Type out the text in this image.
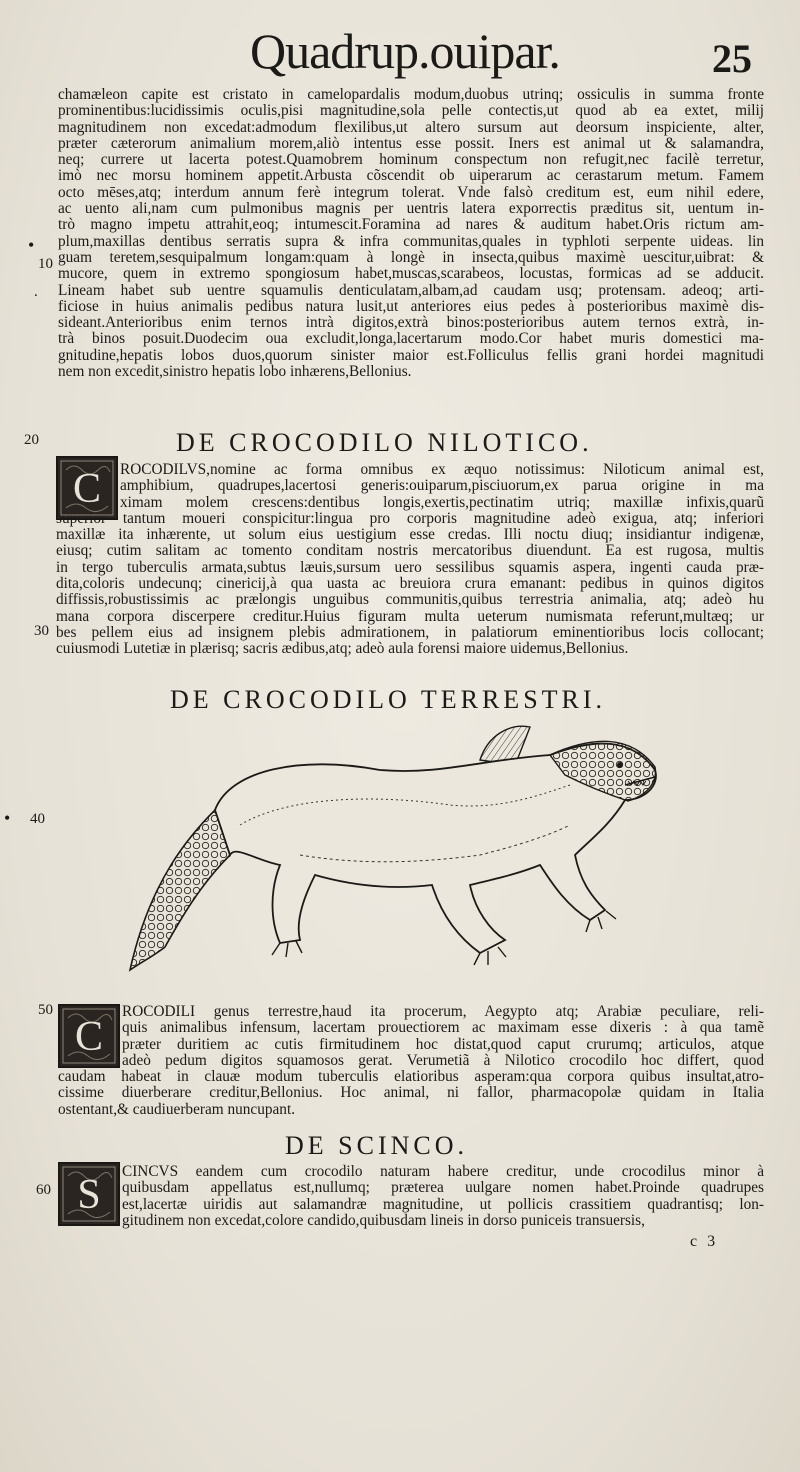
Quadrup.ouipar.	25
•
10
.
20
30
• 40
50
60
chamæleon capite est cristato in camelopardalis modum,duobus utrinq; ossiculis in summa fronte
prominentibus:lucidissimis oculis,pisi magnitudine,sola pelle contectis,ut quod ab ea extet, milij
magnitudinem non excedat:admodum flexilibus,ut altero sursum aut deorsum inspiciente, alter,
præter cæterorum animalium morem,aliò intentus esse possit. Iners est animal ut & salamandra,
neq; currere ut lacerta potest.Quamobrem hominum conspectum non refugit,nec facilè terretur,
imò nec morsu hominem appetit.Arbusta cõscendit ob uiperarum ac cerastarum metum. Famem
octo mēses,atq; interdum annum ferè integrum tolerat. Vnde falsò creditum est, eum nihil edere,
ac uento ali,nam cum pulmonibus magnis per uentris latera exporrectis præditus sit, uentum in-
trò magno impetu attrahit,eoq; intumescit.Foramina ad nares & auditum habet.Oris rictum am-
plum,maxillas dentibus serratis supra & infra communitas,quales in typhloti serpente uideas. lin
guam teretem,sesquipalmum longam:quam à longè in insecta,quibus maximè uescitur,uibrat: &
mucore, quem in extremo spongiosum habet,muscas,scarabeos, locustas, formicas ad se adducit.
Lineam habet sub uentre squamulis denticulatam,albam,ad caudam usq; protensam. adeoq; arti-
ficiose in huius animalis pedibus natura lusit,ut anteriores eius pedes à posterioribus maximè dis-
sideant.Anterioribus enim ternos intrà digitos,extrà binos:posterioribus autem ternos extrà, in-
trà binos posuit.Duodecim oua excludit,longa,lacertarum modo.Cor habet muris domestici ma-
gnitudine,hepatis lobos duos,quorum sinister maior est.Folliculus fellis grani hordei magnitudi
nem non excedit,sinistro hepatis lobo inhærens,Bellonius.
DE CROCODILO NILOTICO.
C ROCODILVS,nomine ac forma omnibus ex æquo notissimus: Niloticum animal est,
amphibium, quadrupes,lacertosi generis:ouiparum,pisciuorum,ex parua origine in ma
ximam molem crescens:dentibus longis,exertis,pectinatim utriq; maxillæ infixis,quarũ
superior tantum moueri conspicitur:lingua pro corporis magnitudine adeò exigua, atq; inferiori
maxillæ ita inhærente, ut solum eius uestigium esse credas. Illi noctu diuq; insidiantur indigenæ,
eiusq; cutim salitam ac tomento conditam nostris mercatoribus diuendunt. Ea est rugosa, multis
in tergo tuberculis armata,subtus læuis,sursum uero sessilibus squamis aspera, ingenti cauda præ-
dita,coloris undecunq; cinericij,à qua uasta ac breuiora crura emanant: pedibus in quinos digitos
diffissis,robustissimis ac prælongis unguibus communitis,quibus terrestria animalia, atq; adeò hu
mana corpora discerpere creditur.Huius figuram multa ueterum numismata referunt,multæq; ur
bes pellem eius ad insignem plebis admirationem, in palatiorum eminentioribus locis collocant;
cuiusmodi Lutetiæ in plærisq; sacris ædibus,atq; adeò aula forensi maiore uidemus,Bellonius.
DE CROCODILO TERRESTRI.
C
ROCODILI genus terrestre,haud ita procerum, Aegypto atq; Arabiæ peculiare, reli-
quis animalibus infensum, lacertam prouectiorem ac maximam esse dixeris : à qua tamẽ
præter duritiem ac cutis firmitudinem hoc distat,quod caput crurumq; articulos, atque
adeò pedum digitos squamosos gerat. Verumetiã à Nilotico crocodilo hoc differt, quod
caudam habeat in clauæ modum tuberculis elatioribus asperam:qua corpora quibus insultat,atro-
cissime diuerberare creditur,Bellonius. Hoc animal, ni fallor, pharmacopolæ quidam in Italia
ostentant,& caudiuerberam nuncupant.
DE SCINCO.
S
CINCVS eandem cum crocodilo naturam habere creditur, unde crocodilus minor à
quibusdam appellatus est,nullumq; præterea uulgare nomen habet.Proinde quadrupes
est,lacertæ uiridis aut salamandræ magnitudine, ut pollicis crassitiem quadrantisq; lon-
gitudinem non excedat,colore candido,quibusdam lineis in dorso puniceis transuersis,
c 3
